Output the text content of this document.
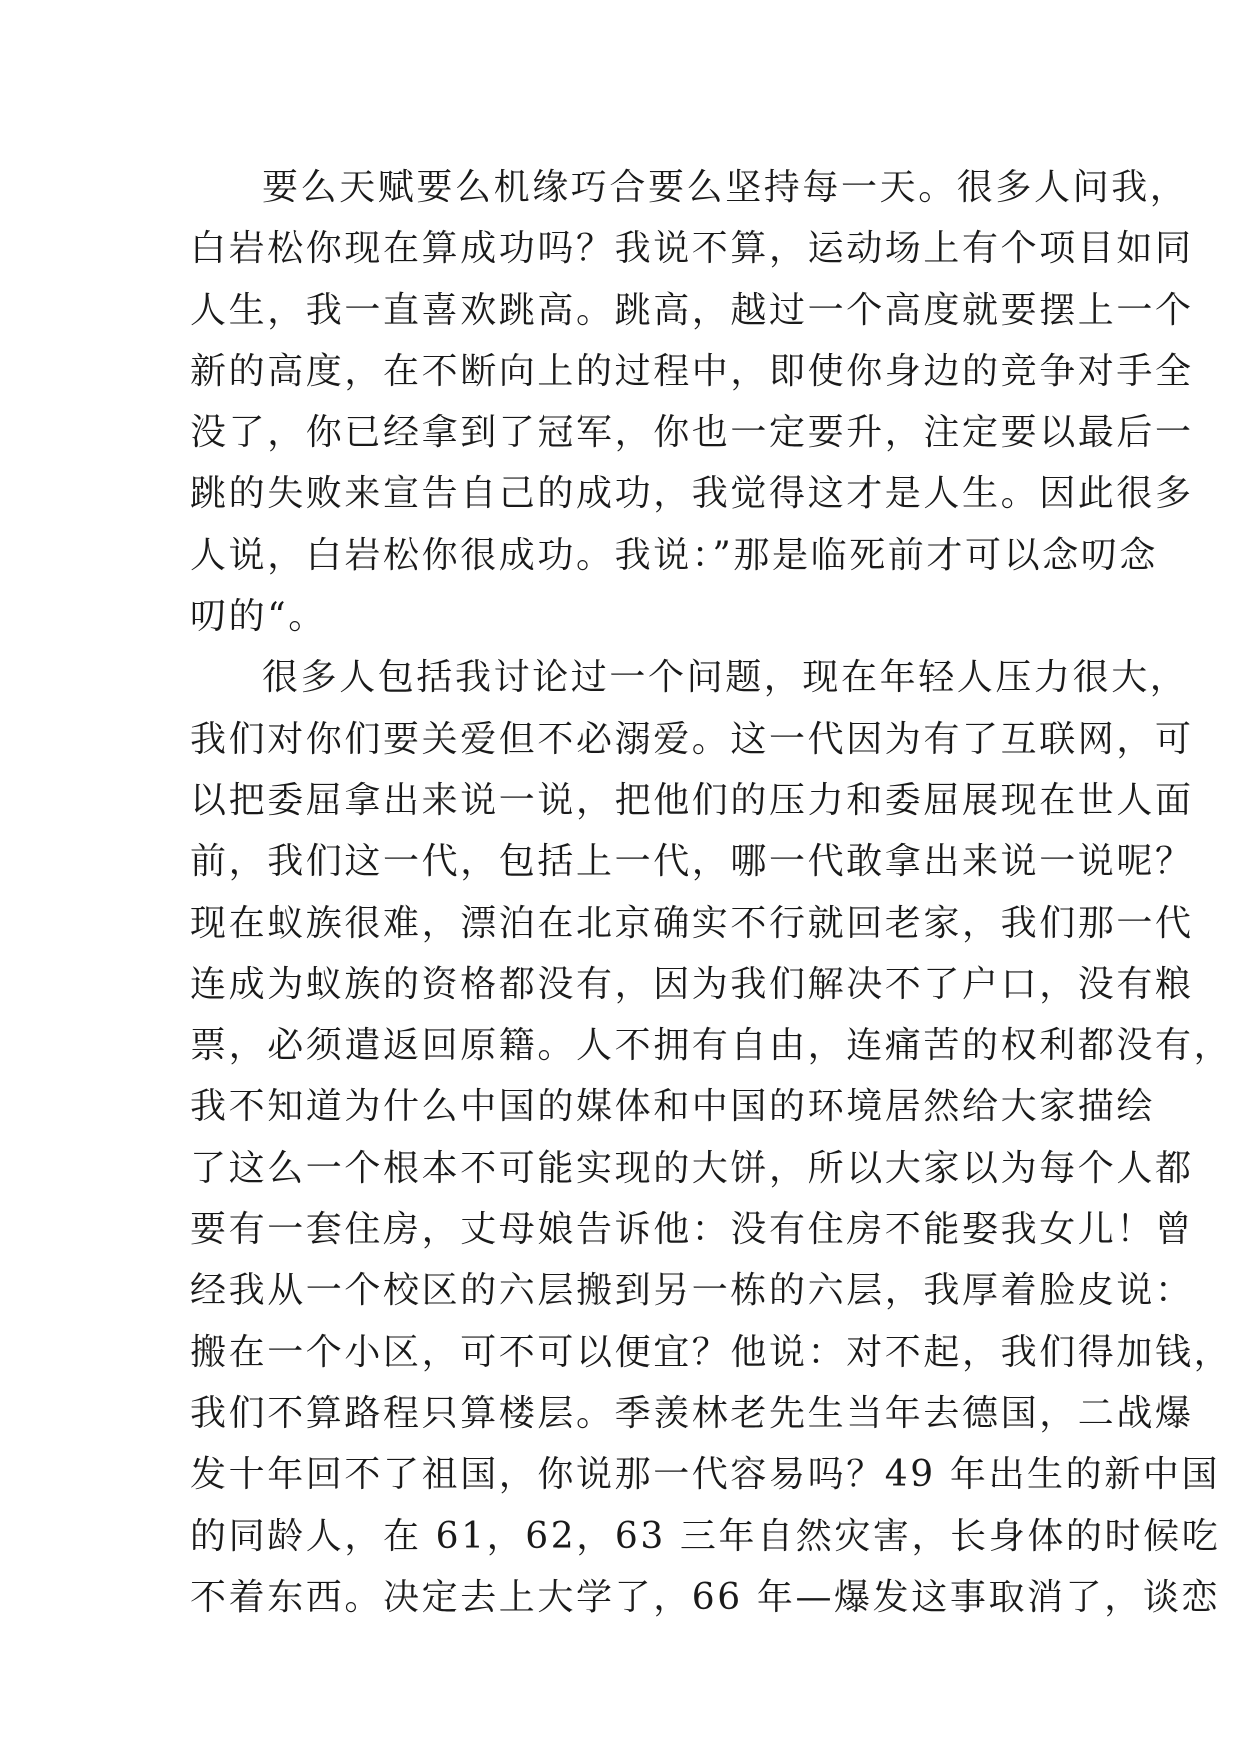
要么天赋要么机缘巧合要么坚持每一天。很多人问我，
白岩松你现在算成功吗？我说不算，运动场上有个项目如同
人生，我一直喜欢跳高。跳高，越过一个高度就要摆上一个
新的高度，在不断向上的过程中，即使你身边的竞争对手全
没了，你已经拿到了冠军，你也一定要升，注定要以最后一
跳的失败来宣告自己的成功，我觉得这才是人生。因此很多
人说，白岩松你很成功。我说：”那是临死前才可以念叨念
叨的“。
很多人包括我讨论过一个问题，现在年轻人压力很大，
我们对你们要关爱但不必溺爱。这一代因为有了互联网，可
以把委屈拿出来说一说，把他们的压力和委屈展现在世人面
前，我们这一代，包括上一代，哪一代敢拿出来说一说呢？
现在蚁族很难，漂泊在北京确实不行就回老家，我们那一代
连成为蚁族的资格都没有，因为我们解决不了户口，没有粮
票，必须遣返回原籍。人不拥有自由，连痛苦的权利都没有，
我不知道为什么中国的媒体和中国的环境居然给大家描绘
了这么一个根本不可能实现的大饼，所以大家以为每个人都
要有一套住房，丈母娘告诉他：没有住房不能娶我女儿！曾
经我从一个校区的六层搬到另一栋的六层，我厚着脸皮说：
搬在一个小区，可不可以便宜？他说：对不起，我们得加钱，
我们不算路程只算楼层。季羡林老先生当年去德国，二战爆
发十年回不了祖国，你说那一代容易吗？49 年出生的新中国
的同龄人，在 61，62，63 三年自然灾害，长身体的时候吃
不着东西。决定去上大学了，66 年—爆发这事取消了，谈恋
